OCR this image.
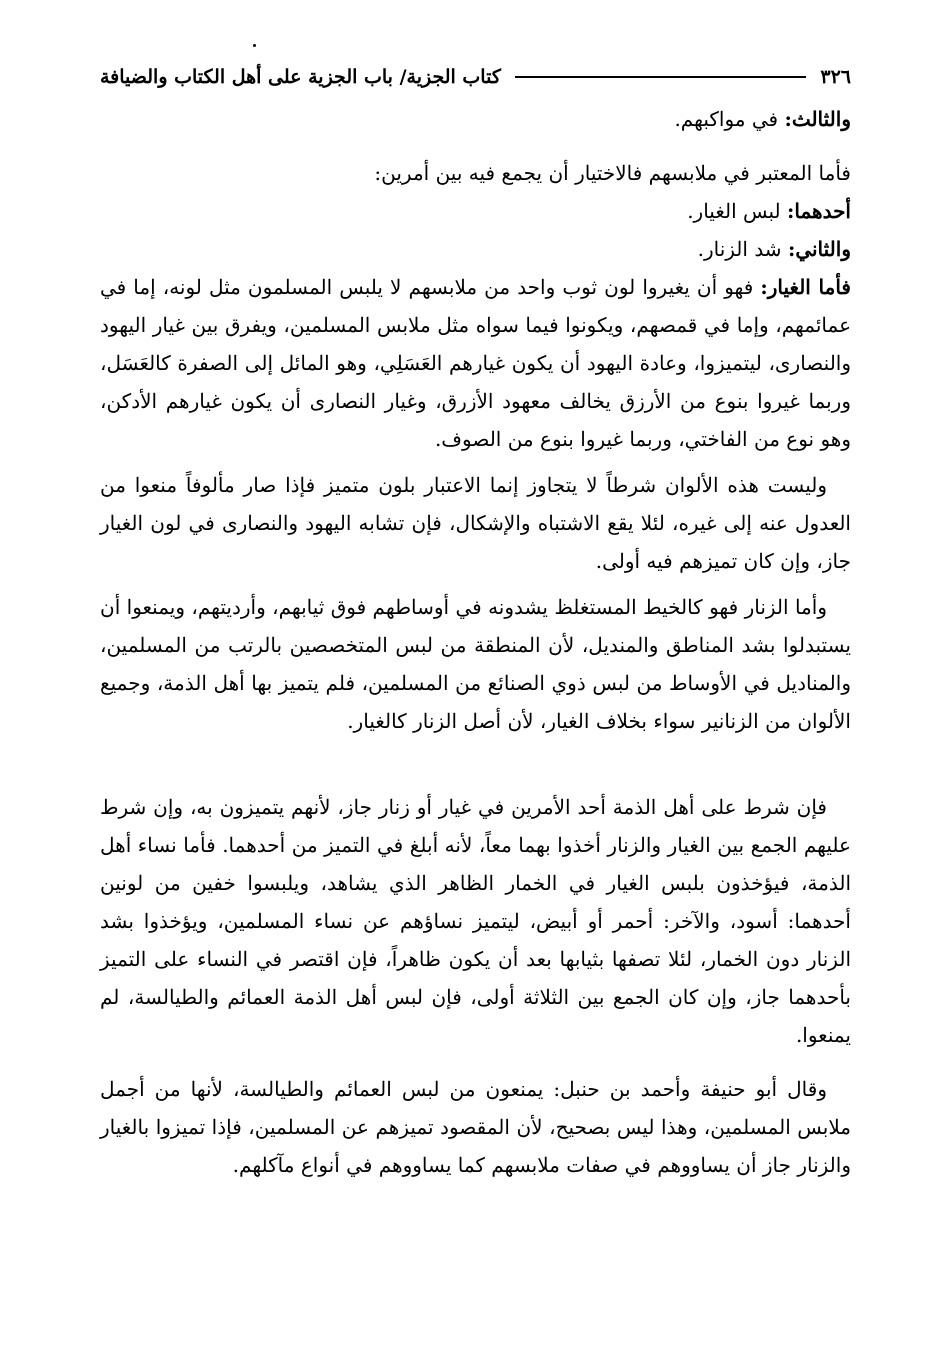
٣٢٦
كتاب الجزية/ باب الجزية على أهل الكتاب والضيافة

والثالث: في مواكبهم.

فأما المعتبر في ملابسهم فالاختيار أن يجمع فيه بين أمرين:

أحدهما: لبس الغيار.

والثاني: شد الزنار.

فأما الغيار: فهو أن يغيروا لون ثوب واحد من ملابسهم لا يلبس المسلمون مثل لونه، إما في عمائمهم، وإما في قمصهم، ويكونوا فيما سواه مثل ملابس المسلمين، ويفرق بين غيار اليهود والنصارى، ليتميزوا، وعادة اليهود أن يكون غيارهم العَسَلِي، وهو المائل إلى الصفرة كالعَسَل، وربما غيروا بنوع من الأرزق يخالف معهود الأزرق، وغيار النصارى أن يكون غيارهم الأدكن، وهو نوع من الفاختي، وربما غيروا بنوع من الصوف.

وليست هذه الألوان شرطاً لا يتجاوز إنما الاعتبار بلون متميز فإذا صار مألوفاً منعوا من العدول عنه إلى غيره، لئلا يقع الاشتباه والإشكال، فإن تشابه اليهود والنصارى في لون الغيار جاز، وإن كان تميزهم فيه أولى.

وأما الزنار فهو كالخيط المستغلظ يشدونه في أوساطهم فوق ثيابهم، وأرديتهم، ويمنعوا أن يستبدلوا بشد المناطق والمنديل، لأن المنطقة من لبس المتخصصين بالرتب من المسلمين، والمناديل في الأوساط من لبس ذوي الصنائع من المسلمين، فلم يتميز بها أهل الذمة، وجميع الألوان من الزنانير سواء بخلاف الغيار، لأن أصل الزنار كالغيار.

فإن شرط على أهل الذمة أحد الأمرين في غيار أو زنار جاز، لأنهم يتميزون به، وإن شرط عليهم الجمع بين الغيار والزنار أخذوا بهما معاً، لأنه أبلغ في التميز من أحدهما. فأما نساء أهل الذمة، فيؤخذون بلبس الغيار في الخمار الظاهر الذي يشاهد، ويلبسوا خفين من لونين أحدهما: أسود، والآخر: أحمر أو أبيض، ليتميز نساؤهم عن نساء المسلمين، ويؤخذوا بشد الزنار دون الخمار، لئلا تصفها بثيابها بعد أن يكون ظاهراً، فإن اقتصر في النساء على التميز بأحدهما جاز، وإن كان الجمع بين الثلاثة أولى، فإن لبس أهل الذمة العمائم والطيالسة، لم يمنعوا.

وقال أبو حنيفة وأحمد بن حنبل: يمنعون من لبس العمائم والطيالسة، لأنها من أجمل ملابس المسلمين، وهذا ليس بصحيح، لأن المقصود تميزهم عن المسلمين، فإذا تميزوا بالغيار والزنار جاز أن يساووهم في صفات ملابسهم كما يساووهم في أنواع مآكلهم.
